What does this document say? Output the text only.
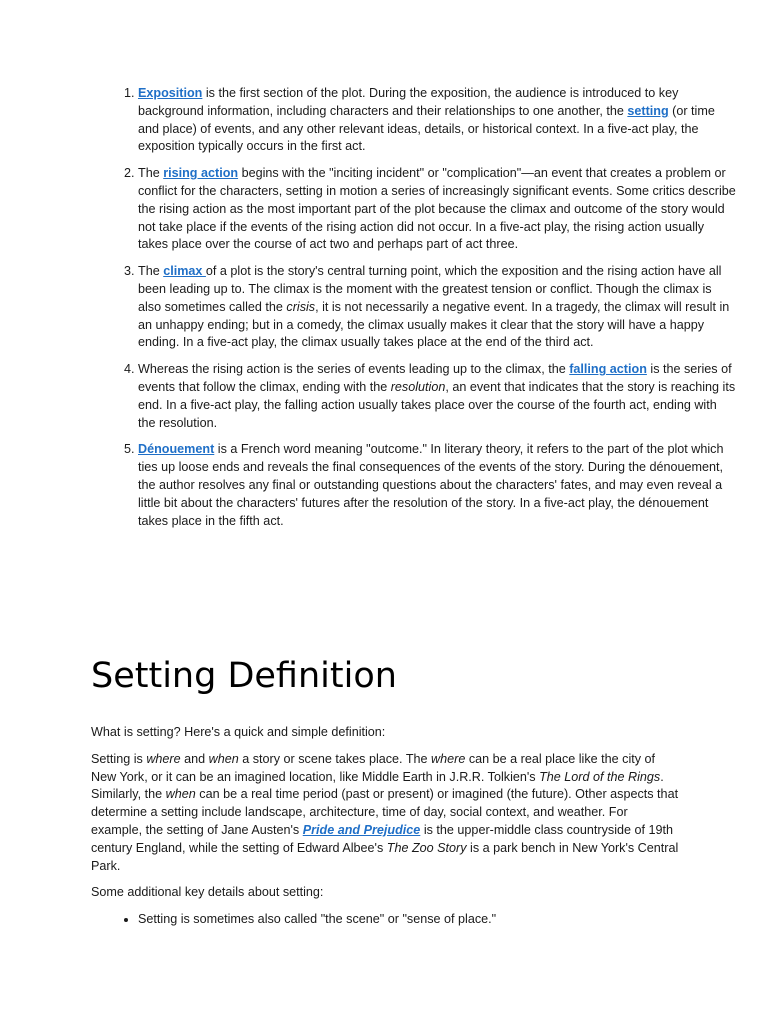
1. Exposition is the first section of the plot. During the exposition, the audience is introduced to key background information, including characters and their relationships to one another, the setting (or time and place) of events, and any other relevant ideas, details, or historical context. In a five-act play, the exposition typically occurs in the first act.
2. The rising action begins with the "inciting incident" or "complication"—an event that creates a problem or conflict for the characters, setting in motion a series of increasingly significant events. Some critics describe the rising action as the most important part of the plot because the climax and outcome of the story would not take place if the events of the rising action did not occur. In a five-act play, the rising action usually takes place over the course of act two and perhaps part of act three.
3. The climax of a plot is the story's central turning point, which the exposition and the rising action have all been leading up to. The climax is the moment with the greatest tension or conflict. Though the climax is also sometimes called the crisis, it is not necessarily a negative event. In a tragedy, the climax will result in an unhappy ending; but in a comedy, the climax usually makes it clear that the story will have a happy ending. In a five-act play, the climax usually takes place at the end of the third act.
4. Whereas the rising action is the series of events leading up to the climax, the falling action is the series of events that follow the climax, ending with the resolution, an event that indicates that the story is reaching its end. In a five-act play, the falling action usually takes place over the course of the fourth act, ending with the resolution.
5. Dénouement is a French word meaning "outcome." In literary theory, it refers to the part of the plot which ties up loose ends and reveals the final consequences of the events of the story. During the dénouement, the author resolves any final or outstanding questions about the characters' fates, and may even reveal a little bit about the characters' futures after the resolution of the story. In a five-act play, the dénouement takes place in the fifth act.
Setting Definition

What is setting? Here's a quick and simple definition:

Setting is where and when a story or scene takes place. The where can be a real place like the city of New York, or it can be an imagined location, like Middle Earth in J.R.R. Tolkien's The Lord of the Rings. Similarly, the when can be a real time period (past or present) or imagined (the future). Other aspects that determine a setting include landscape, architecture, time of day, social context, and weather. For example, the setting of Jane Austen's Pride and Prejudice is the upper-middle class countryside of 19th century England, while the setting of Edward Albee's The Zoo Story is a park bench in New York's Central Park.

Some additional key details about setting:

• Setting is sometimes also called "the scene" or "sense of place."
